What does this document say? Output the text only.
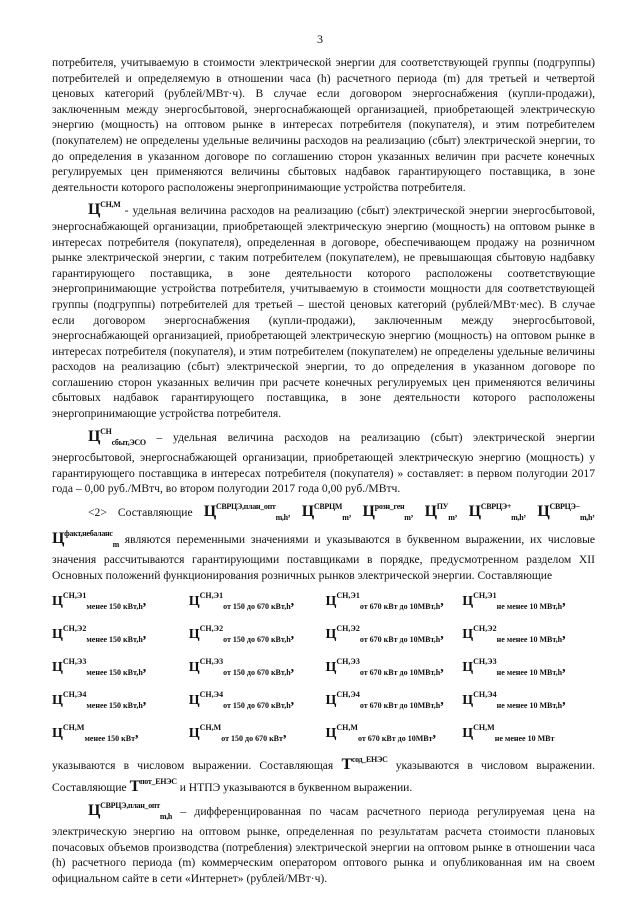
3

потребителя, учитываемую в стоимости электрической энергии для соответствующей группы (подгруппы) потребителей и определяемую в отношении часа (h) расчетного периода (m) для третьей и четвертой ценовых категорий (рублей/МВт·ч). В случае если договором энергоснабжения (купли-продажи), заключенным между энергосбытовой, энергоснабжающей организацией, приобретающей электрическую энергию (мощность) на оптовом рынке в интересах потребителя (покупателя), и этим потребителем (покупателем) не определены удельные величины расходов на реализацию (сбыт) электрической энергии, то до определения в указанном договоре по соглашению сторон указанных величин при расчете конечных регулируемых цен применяются величины сбытовых надбавок гарантирующего поставщика, в зоне деятельности которого расположены энергопринимающие устройства потребителя.

$Ц^{СН,М}$ - удельная величина расходов на реализацию (сбыт) электрической энергии энергосбытовой, энергоснабжающей организации, приобретающей электрическую энергию (мощность) на оптовом рынке в интересах потребителя (покупателя), определенная в договоре, обеспечивающем продажу на розничном рынке электрической энергии, с таким потребителем (покупателем), не превышающая сбытовую надбавку гарантирующего поставщика, в зоне деятельности которого расположены соответствующие энергопринимающие устройства потребителя, учитываемую в стоимости мощности для соответствующей группы (подгруппы) потребителей для третьей – шестой ценовых категорий (рублей/МВт·мес). В случае если договором энергоснабжения (купли-продажи), заключенным между энергосбытовой, энергоснабжающей организацией, приобретающей электрическую энергию (мощность) на оптовом рынке в интересах потребителя (покупателя), и этим потребителем (покупателем) не определены удельные величины расходов на реализацию (сбыт) электрической энергии, то до определения в указанном договоре по соглашению сторон указанных величин при расчете конечных регулируемых цен применяются величины сбытовых надбавок гарантирующего поставщика, в зоне деятельности которого расположены энергопринимающие устройства потребителя.

$Ц^{СН}_{сбыт,ЭСО}$ – удельная величина расходов на реализацию (сбыт) электрической энергии энергосбытовой, энергоснабжающей организации, приобретающей электрическую энергию (мощность) у гарантирующего поставщика в интересах потребителя (покупателя) » составляет: в первом полугодии 2017 года – 0,00 руб./МВтч, во втором полугодии 2017 года 0,00 руб./МВтч.

<2> Составляющие $Ц^{СВРЦЭ,план\_опт}_{m,h}$, $Ц^{СВРЦМ}_m$, $Ц^{розн\_ген}_m$, $Ц^{ПУ}_m$, $Ц^{СВРЦЭ+}_{m,h}$, $Ц^{СВРЦЭ-}_{m,h}$, $Ц^{факт,небаланс}_m$ являются переменными значениями и указываются в буквенном выражении, их числовые значения рассчитываются гарантирующими поставщиками в порядке, предусмотренном разделом XII Основных положений функционирования розничных рынков электрической энергии. Составляющие

$Ц^{СН,Э1}_{менее 150 кВт,h}$,	$Ц^{СН,Э1}_{от 150 до 670 кВт,h}$,	$Ц^{СН,Э1}_{от 670 кВт до 10МВт,h}$,	$Ц^{СН,Э1}_{не менее 10 МВт,h}$,
$Ц^{СН,Э2}_{менее 150 кВт,h}$,	$Ц^{СН,Э2}_{от 150 до 670 кВт,h}$,	$Ц^{СН,Э2}_{от 670 кВт до 10МВт,h}$,	$Ц^{СН,Э2}_{не менее 10 МВт,h}$,
$Ц^{СН,Э3}_{менее 150 кВт,h}$,	$Ц^{СН,Э3}_{от 150 до 670 кВт,h}$,	$Ц^{СН,Э3}_{от 670 кВт до 10МВт,h}$,	$Ц^{СН,Э3}_{не менее 10 МВт,h}$,
$Ц^{СН,Э4}_{менее 150 кВт,h}$,	$Ц^{СН,Э4}_{от 150 до 670 кВт,h}$,	$Ц^{СН,Э4}_{от 670 кВт до 10МВт,h}$,	$Ц^{СН,Э4}_{не менее 10 МВт,h}$,
$Ц^{СН,М}_{менее 150 кВт}$,	$Ц^{СН,М}_{от 150 до 670 кВт}$,	$Ц^{СН,М}_{от 670 кВт до 10МВт}$,	$Ц^{СН,М}_{не менее 10 МВт}$

указываются в числовом выражении. Составляющая $Т^{сод\_ЕНЭС}$ указываются в числовом выражении. Составляющие $Т^{пот\_ЕНЭС}$ и НТПЭ указываются в буквенном выражении.

$Ц^{СВРЦЭ,план\_опт}_{m,h}$ – дифференцированная по часам расчетного периода регулируемая цена на электрическую энергию на оптовом рынке, определенная по результатам расчета стоимости плановых почасовых объемов производства (потребления) электрической энергии на оптовом рынке в отношении часа (h) расчетного периода (m) коммерческим оператором оптового рынка и опубликованная им на своем официальном сайте в сети «Интернет» (рублей/МВт·ч).
